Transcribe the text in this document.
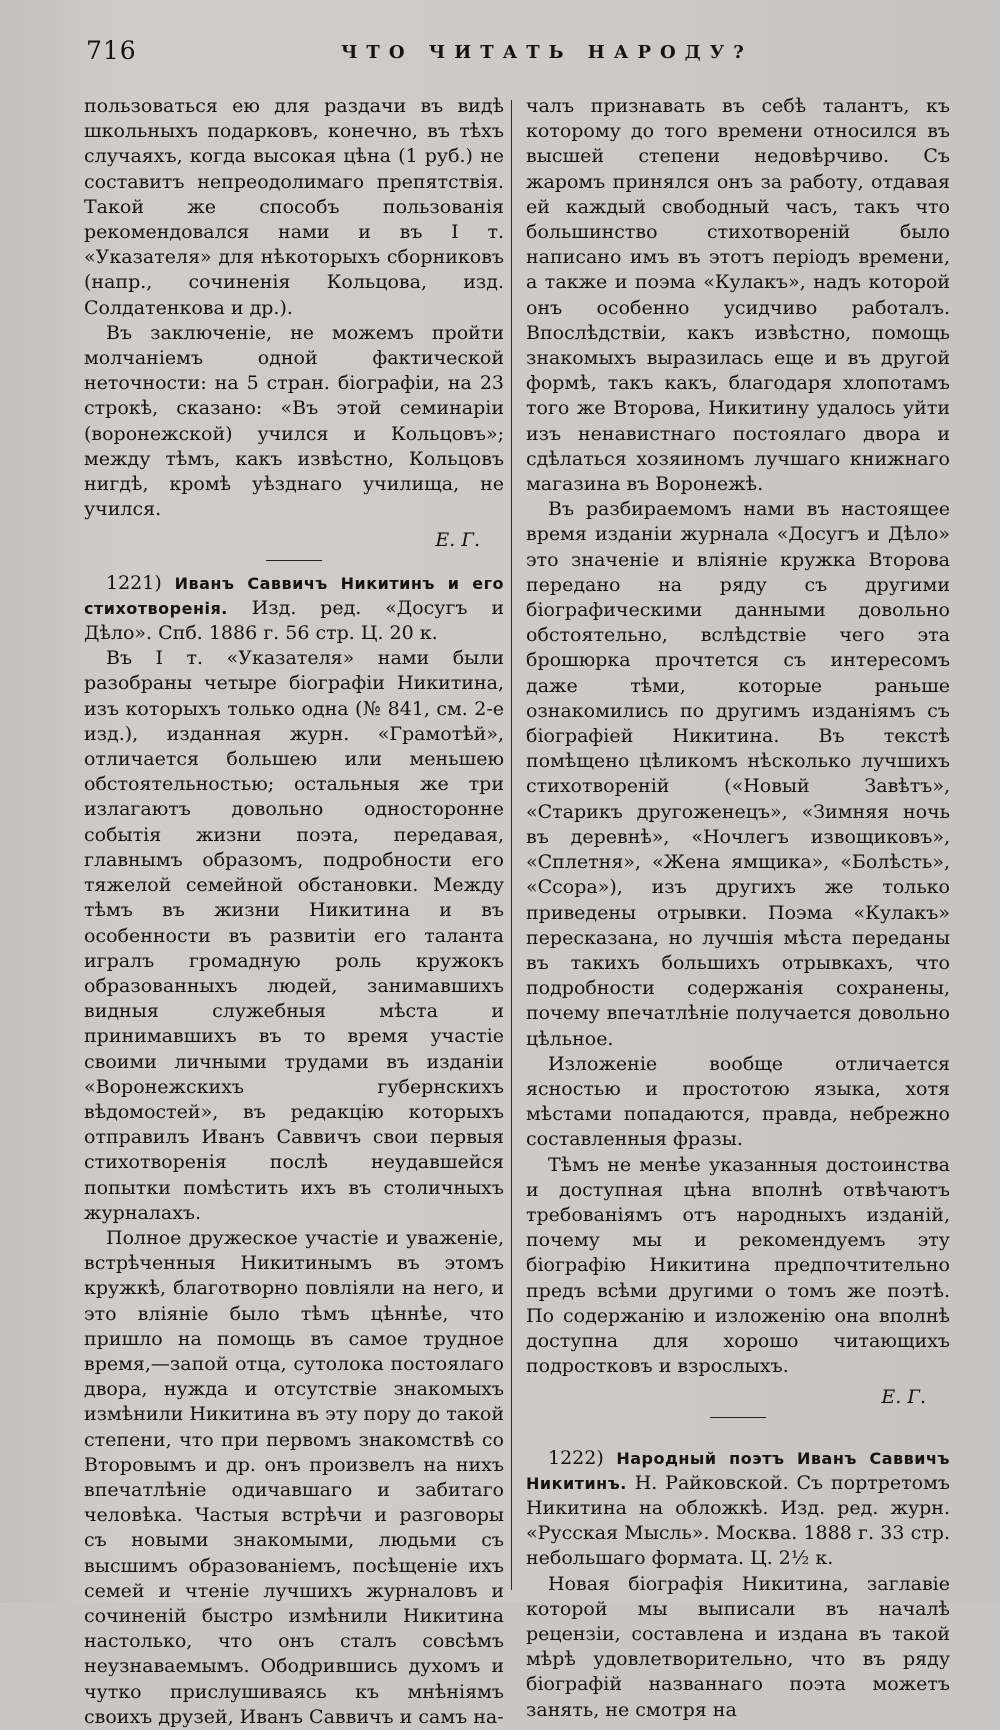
716	ЧТО ЧИТАТЬ НАРОДУ?

пользоваться ею для раздачи въ видѣ школьныхъ подарковъ, конечно, въ тѣхъ случаяхъ, когда высокая цѣна (1 руб.) не составитъ непреодолимаго препятствія. Такой же способъ пользованія рекомендовался нами и въ I т. «Указателя» для нѣкоторыхъ сборниковъ (напр., сочиненія Кольцова, изд. Солдатенкова и др.).

Въ заключеніе, не можемъ пройти молчаніемъ одной фактической неточности: на 5 стран. біографіи, на 23 строкѣ, сказано: «Въ этой семинаріи (воронежской) учился и Кольцовъ»; между тѣмъ, какъ извѣстно, Кольцовъ нигдѣ, кромѣ уѣзднаго училища, не учился.

Е. Г.

1221) Иванъ Саввичъ Никитинъ и его стихотворенія. Изд. ред. «Досугъ и Дѣло». Спб. 1886 г. 56 стр. Ц. 20 к.

Въ I т. «Указателя» нами были разобраны четыре біографіи Никитина, изъ которыхъ только одна (№ 841, см. 2-е изд.), изданная журн. «Грамотѣй», отличается большею или меньшею обстоятельностью; остальныя же три излагаютъ довольно односторонне событія жизни поэта, передавая, главнымъ образомъ, подробности его тяжелой семейной обстановки. Между тѣмъ въ жизни Никитина и въ особенности въ развитіи его таланта игралъ громадную роль кружокъ образованныхъ людей, занимавшихъ видныя служебныя мѣста и принимавшихъ въ то время участіе своими личными трудами въ изданіи «Воронежскихъ губернскихъ вѣдомостей», въ редакцію которыхъ отправилъ Иванъ Саввичъ свои первыя стихотворенія послѣ неудавшейся попытки помѣстить ихъ въ столичныхъ журналахъ.

Полное дружеское участіе и уваженіе, встрѣченныя Никитинымъ въ этомъ кружкѣ, благотворно повліяли на него, и это вліяніе было тѣмъ цѣннѣе, что пришло на помощь въ самое трудное время,—запой отца, сутолока постоялаго двора, нужда и отсутствіе знакомыхъ измѣнили Никитина въ эту пору до такой степени, что при первомъ знакомствѣ со Второвымъ и др. онъ произвелъ на нихъ впечатлѣніе одичавшаго и забитаго человѣка. Частыя встрѣчи и разговоры съ новыми знакомыми, людьми съ высшимъ образованіемъ, посѣщеніе ихъ семей и чтеніе лучшихъ журналовъ и сочиненій быстро измѣнили Никитина настолько, что онъ сталъ совсѣмъ неузнаваемымъ. Ободрившись духомъ и чутко прислушиваясь къ мнѣніямъ своихъ друзей, Иванъ Саввичъ и самъ на-

чалъ признавать въ себѣ талантъ, къ которому до того времени относился въ высшей степени недовѣрчиво. Съ жаромъ принялся онъ за работу, отдавая ей каждый свободный часъ, такъ что большинство стихотвореній было написано имъ въ этотъ періодъ времени, а также и поэма «Кулакъ», надъ которой онъ особенно усидчиво работалъ. Впослѣдствіи, какъ извѣстно, помощь знакомыхъ выразилась еще и въ другой формѣ, такъ какъ, благодаря хлопотамъ того же Второва, Никитину удалось уйти изъ ненавистнаго постоялаго двора и сдѣлаться хозяиномъ лучшаго книжнаго магазина въ Воронежѣ.

Въ разбираемомъ нами въ настоящее время изданіи журнала «Досугъ и Дѣло» это значеніе и вліяніе кружка Второва передано на ряду съ другими біографическими данными довольно обстоятельно, вслѣдствіе чего эта брошюрка прочтется съ интересомъ даже тѣми, которые раньше ознакомились по другимъ изданіямъ съ біографіей Никитина. Въ текстѣ помѣщено цѣликомъ нѣсколько лучшихъ стихотвореній («Новый Завѣтъ», «Старикъ другоженецъ», «Зимняя ночь въ деревнѣ», «Ночлегъ извощиковъ», «Сплетня», «Жена ямщика», «Болѣсть», «Ссора»), изъ другихъ же только приведены отрывки. Поэма «Кулакъ» пересказана, но лучшія мѣста переданы въ такихъ большихъ отрывкахъ, что подробности содержанія сохранены, почему впечатлѣніе получается довольно цѣльное.

Изложеніе вообще отличается ясностью и простотою языка, хотя мѣстами попадаются, правда, небрежно составленныя фразы.

Тѣмъ не менѣе указанныя достоинства и доступная цѣна вполнѣ отвѣчаютъ требованіямъ отъ народныхъ изданій, почему мы и рекомендуемъ эту біографію Никитина предпочтительно предъ всѣми другими о томъ же поэтѣ. По содержанію и изложенію она вполнѣ доступна для хорошо читающихъ подростковъ и взрослыхъ.

Е. Г.

1222) Народный поэтъ Иванъ Саввичъ Никитинъ. Н. Райковской. Съ портретомъ Никитина на обложкѣ. Изд. ред. журн. «Русская Мысль». Москва. 1888 г. 33 стр. небольшаго формата. Ц. 2½ к.

Новая біографія Никитина, заглавіе которой мы выписали въ началѣ рецензіи, составлена и издана въ такой мѣрѣ удовлетворительно, что въ ряду біографій названнаго поэта можетъ занять, не смотря на
